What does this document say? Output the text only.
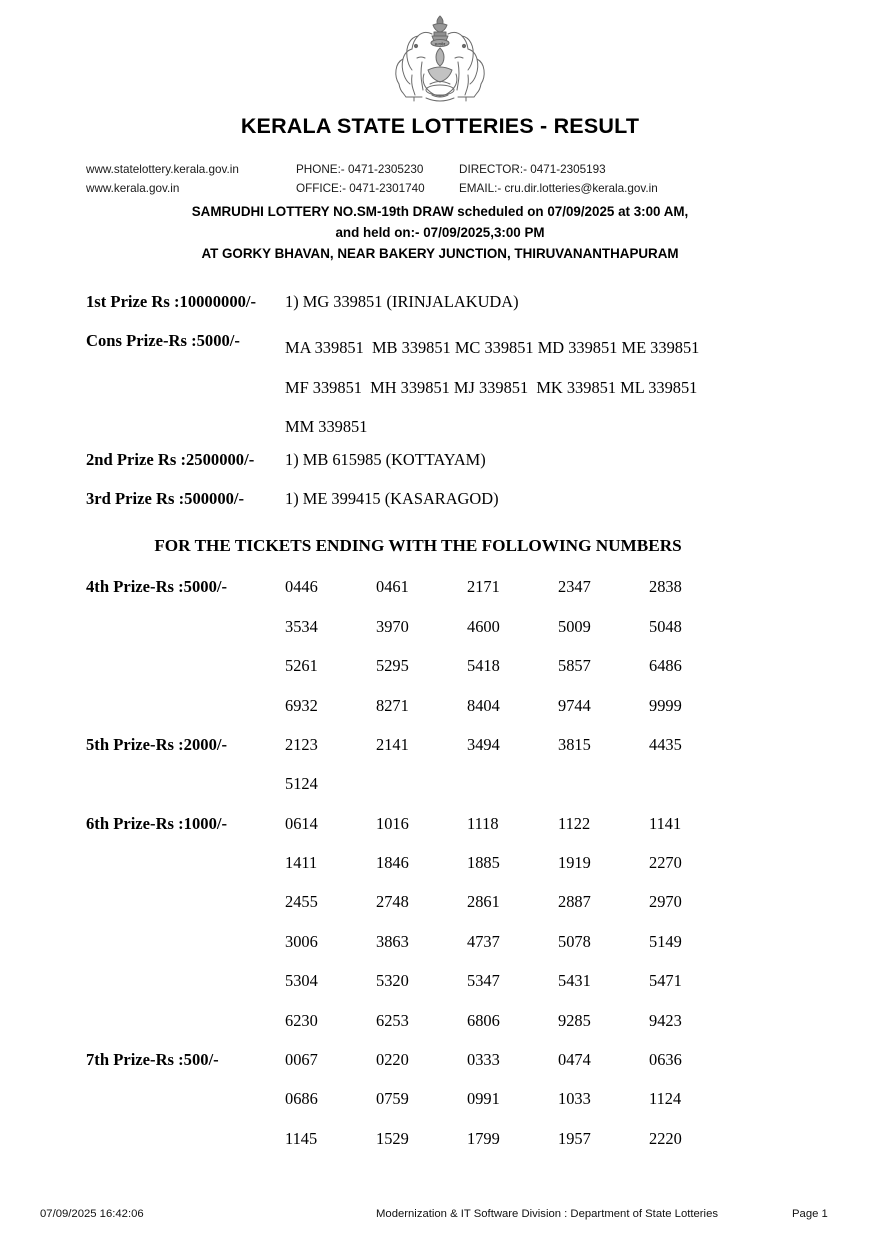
सत्यमेव
KERALA STATE LOTTERIES - RESULT
www.statelottery.kerala.gov.in	PHONE:- 0471-2305230	DIRECTOR:- 0471-2305193
www.kerala.gov.in	OFFICE:- 0471-2301740	EMAIL:- cru.dir.lotteries@kerala.gov.in
SAMRUDHI LOTTERY NO.SM-19th DRAW scheduled on 07/09/2025 at 3:00 AM,
and held on:- 07/09/2025,3:00 PM
AT GORKY BHAVAN, NEAR BAKERY JUNCTION, THIRUVANANTHAPURAM
1st Prize Rs :10000000/-	1) MG 339851 (IRINJALAKUDA)
Cons Prize-Rs :5000/-	MA 339851  MB 339851 MC 339851 MD 339851 ME 339851
MF 339851  MH 339851 MJ 339851  MK 339851 ML 339851
MM 339851
2nd Prize Rs :2500000/-	1) MB 615985 (KOTTAYAM)
3rd Prize Rs :500000/-	1) ME 399415 (KASARAGOD)
FOR THE TICKETS ENDING WITH THE FOLLOWING NUMBERS
4th Prize-Rs :5000/-	0446	0461	2171	2347	2838
3534	3970	4600	5009	5048
5261	5295	5418	5857	6486
6932	8271	8404	9744	9999
5th Prize-Rs :2000/-	2123	2141	3494	3815	4435
5124
6th Prize-Rs :1000/-	0614	1016	1118	1122	1141
1411	1846	1885	1919	2270
2455	2748	2861	2887	2970
3006	3863	4737	5078	5149
5304	5320	5347	5431	5471
6230	6253	6806	9285	9423
7th Prize-Rs :500/-	0067	0220	0333	0474	0636
0686	0759	0991	1033	1124
1145	1529	1799	1957	2220
07/09/2025 16:42:06	Modernization & IT Software Division : Department of State Lotteries	Page 1
